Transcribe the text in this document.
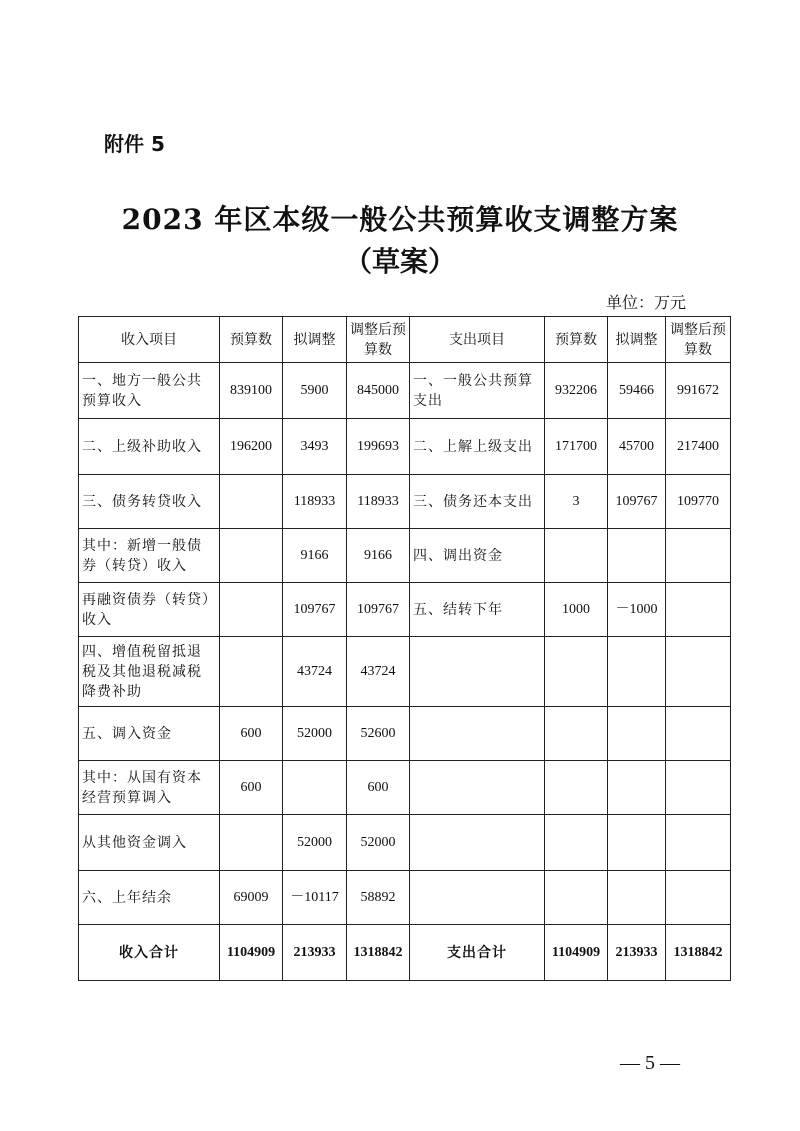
附件 5
2023 年区本级一般公共预算收支调整方案
（草案）
单位：万元
收入项目	预算数	拟调整	调整后预算数	支出项目	预算数	拟调整	调整后预算数
一、地方一般公共预算收入	839100	5900	845000	一、一般公共预算支出	932206	59466	991672
二、上级补助收入	196200	3493	199693	二、上解上级支出	171700	45700	217400
三、债务转贷收入		118933	118933	三、债务还本支出	3	109767	109770
其中：新增一般债券（转贷）收入		9166	9166	四、调出资金			
再融资债券（转贷）收入		109767	109767	五、结转下年	1000	－1000	
四、增值税留抵退税及其他退税减税降费补助		43724	43724				
五、调入资金	600	52000	52600				
其中：从国有资本经营预算调入	600		600				
从其他资金调入		52000	52000				
六、上年结余	69009	－10117	58892				
收入合计	1104909	213933	1318842	支出合计	1104909	213933	1318842
— 5 —
